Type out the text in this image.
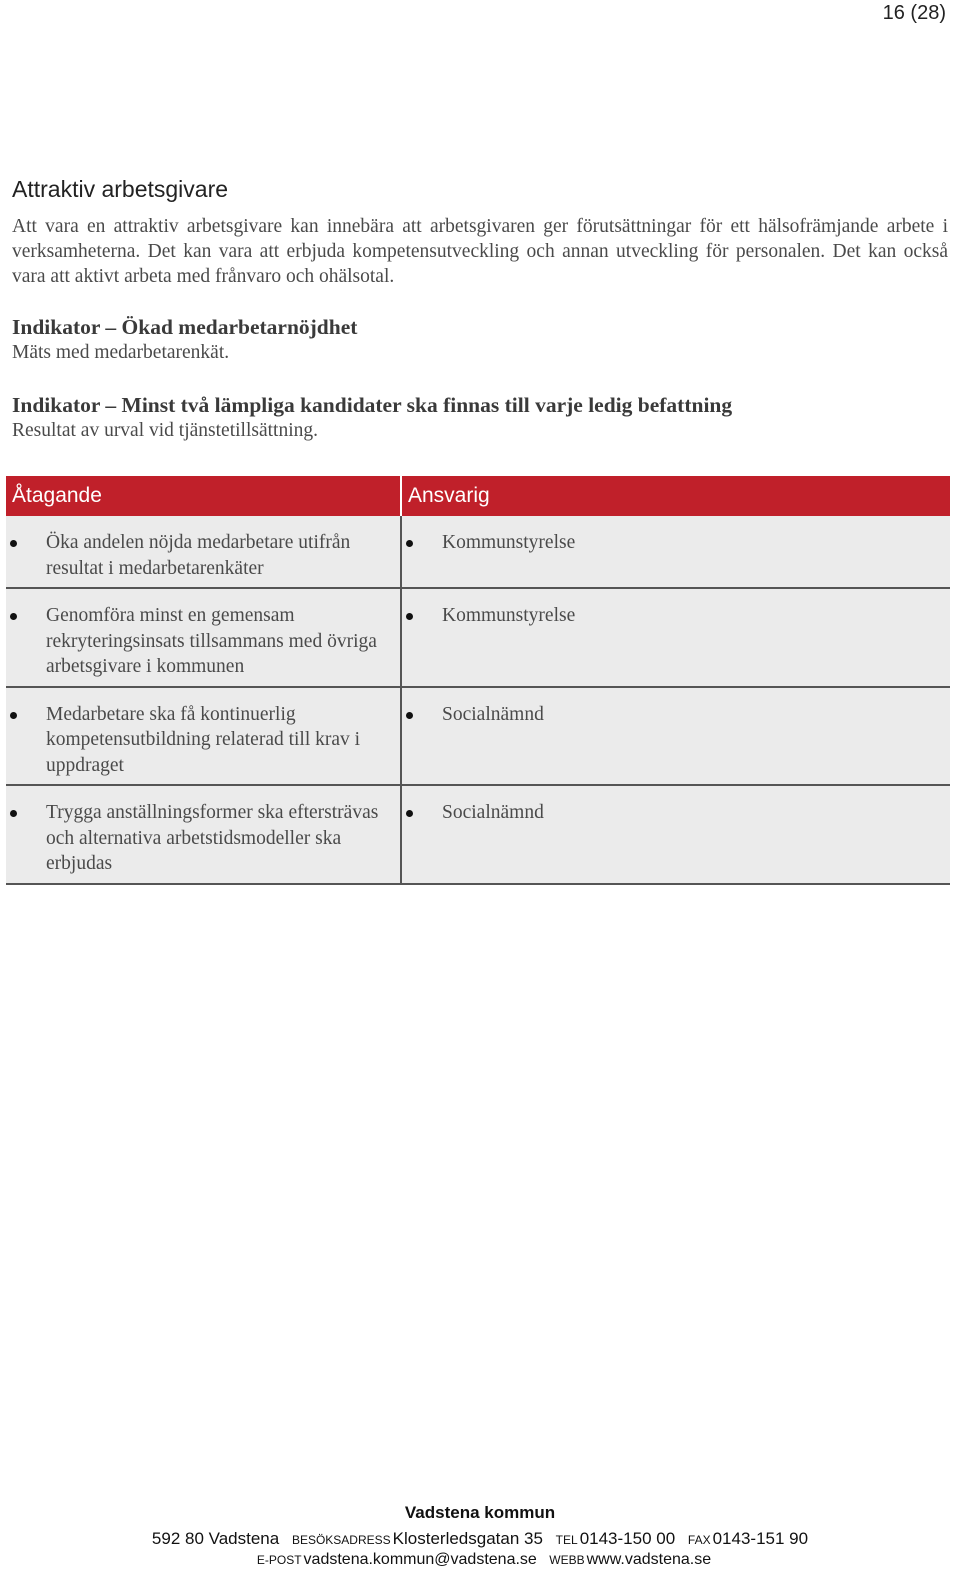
16 (28)
Attraktiv arbetsgivare

Att vara en attraktiv arbetsgivare kan innebära att arbetsgivaren ger förutsättningar för ett hälsofrämjande arbete i verksamheterna. Det kan vara att erbjuda kompetensutveckling och annan utveckling för personalen. Det kan också vara att aktivt arbeta med frånvaro och ohälsotal.

Indikator – Ökad medarbetarnöjdhet

Mäts med medarbetarenkät.

Indikator – Minst två lämpliga kandidater ska finnas till varje ledig befattning

Resultat av urval vid tjänstetillsättning.

Åtagande	Ansvarig

Öka andelen nöjda medarbetare utifrån resultat i medarbetarenkäter	Kommunstyrelse

Genomföra minst en gemensam rekryteringsinsats tillsammans med övriga arbetsgivare i kommunen	Kommunstyrelse

Medarbetare ska få kontinuerlig kompetensutbildning relaterad till krav i uppdraget	Socialnämnd

Trygga anställningsformer ska eftersträvas och alternativa arbetstidsmodeller ska erbjudas	Socialnämnd
Vadstena kommun
592 80 Vadstena BESÖKSADRESS Klosterledsgatan 35 TEL 0143-150 00 FAX 0143-151 90
E-POST vadstena.kommun@vadstena.se WEBB www.vadstena.se
